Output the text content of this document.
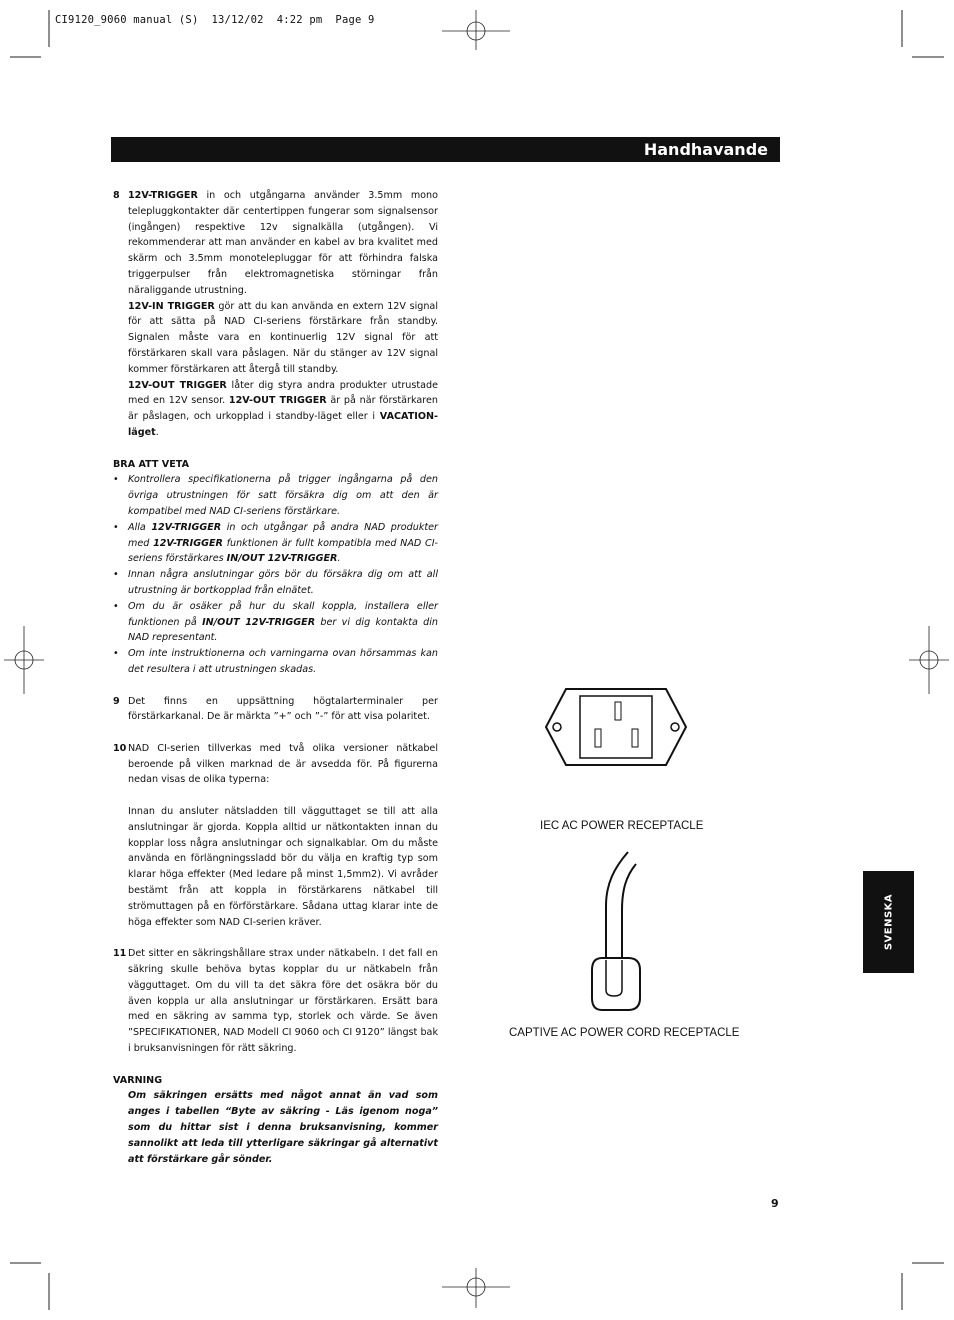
CI9120_9060 manual (S)  13/12/02  4:22 pm  Page 9
Handhavande
8 12V-TRIGGER in och utgångarna använder 3.5mm mono telepluggkontakter där centertippen fungerar som signalsensor (ingången) respektive 12v signalkälla (utgången). Vi rekommenderar att man använder en kabel av bra kvalitet med skärm och 3.5mm monotelepluggar för att förhindra falska triggerpulser från elektromagnetiska störningar från näraliggande utrustning.
12V-IN TRIGGER gör att du kan använda en extern 12V signal för att sätta på NAD CI-seriens förstärkare från standby. Signalen måste vara en kontinuerlig 12V signal för att förstärkaren skall vara påslagen. När du stänger av 12V signal kommer förstärkaren att återgå till standby.
12V-OUT TRIGGER låter dig styra andra produkter utrustade med en 12V sensor. 12V-OUT TRIGGER är på när förstärkaren är påslagen, och urkopplad i standby-läget eller i VACATION-läget.
BRA ATT VETA
• Kontrollera specifikationerna på trigger ingångarna på den övriga utrustningen för satt försäkra dig om att den är kompatibel med NAD CI-seriens förstärkare.
• Alla 12V-TRIGGER in och utgångar på andra NAD produkter med 12V-TRIGGER funktionen är fullt kompatibla med NAD CI-seriens förstärkares IN/OUT 12V-TRIGGER.
• Innan några anslutningar görs bör du försäkra dig om att all utrustning är bortkopplad från elnätet.
• Om du är osäker på hur du skall koppla, installera eller funktionen på IN/OUT 12V-TRIGGER ber vi dig kontakta din NAD representant.
• Om inte instruktionerna och varningarna ovan hörsammas kan det resultera i att utrustningen skadas.
9 Det finns en uppsättning högtalarterminaler per förstärkarkanal. De är märkta ”+” och ”-” för att visa polaritet.
10 NAD CI-serien tillverkas med två olika versioner nätkabel beroende på vilken marknad de är avsedda för. På figurerna nedan visas de olika typerna:
Innan du ansluter nätsladden till vägguttaget se till att alla anslutningar är gjorda. Koppla alltid ur nätkontakten innan du kopplar loss några anslutningar och signalkablar. Om du måste använda en förlängningssladd bör du välja en kraftig typ som klarar höga effekter (Med ledare på minst 1,5mm2). Vi avråder bestämt från att koppla in förstärkarens nätkabel till strömuttagen på en förförstärkare. Sådana uttag klarar inte de höga effekter som NAD CI-serien kräver.
11 Det sitter en säkringshållare strax under nätkabeln. I det fall en säkring skulle behöva bytas kopplar du ur nätkabeln från vägguttaget. Om du vill ta det säkra före det osäkra bör du även koppla ur alla anslutningar ur förstärkaren. Ersätt bara med en säkring av samma typ, storlek och värde. Se även ”SPECIFIKATIONER, NAD Modell CI 9060 och CI 9120” längst bak i bruksanvisningen för rätt säkring.
VARNING
Om säkringen ersätts med något annat än vad som anges i tabellen “Byte av säkring - Läs igenom noga” som du hittar sist i denna bruksanvisning, kommer sannolikt att leda till ytterligare säkringar gå alternativt att förstärkare går sönder.
IEC AC POWER RECEPTACLE
CAPTIVE AC POWER CORD RECEPTACLE
SVENSKA
9
